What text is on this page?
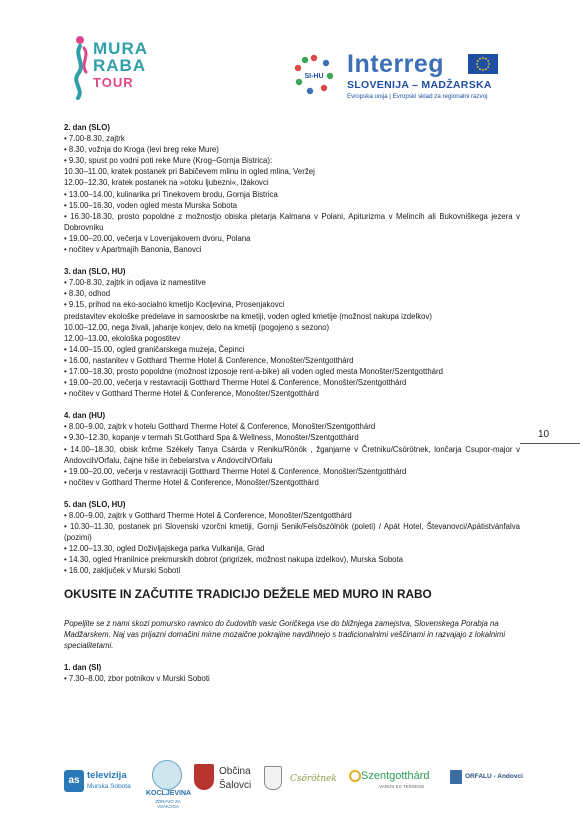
MURA
RABA
TOUR	SI-HU Interreg
SLOVENIJA – MADŽARSKA
Evropska unija | Evropski sklad za regionalni razvoj
2. dan (SLO)
• 7.00-8.30, zajtrk
• 8.30, vožnja do Kroga (levi breg reke Mure)
• 9.30, spust po vodni poti reke Mure (Krog–Gornja Bistrica):
10.30–11.00, kratek postanek pri Babičevem mlinu in ogled mlina, Veržej
12.00–12.30, kratek postanek na »otoku ljubezni«, Ižakovci
• 13.00–14.00, kulinarika pri Tinekovem brodu, Gornja Bistrica
• 15.00–16.30, voden ogled mesta Murska Sobota
• 16.30-18.30, prosto popoldne z možnostjo obiska pletarja Kalmana v Polani, Apiturizma v Melincih ali Bukovniškega jezera v Dobrovniku
• 19.00–20.00, večerja v Lovenjakovem dvoru, Polana
• nočitev v Apartmajih Banonia, Banovci
3. dan (SLO, HU)
• 7.00-8.30, zajtrk in odjava iz namestitve
• 8.30, odhod
• 9.15, prihod na eko-socialno kmetijo Kocljevina, Prosenjakovci
predstavitev ekološke predelave in samooskrbe na kmetiji, voden ogled kmetije (možnost nakupa izdelkov)
10.00–12.00, nega živali, jahanje konjev, delo na kmetiji (pogojeno s sezono)
12.00–13.00, ekološka pogostitev
• 14.00–15.00, ogled graničarskega muzeja, Čepinci
• 16.00, nastanitev v Gotthard Therme Hotel & Conference, Monošter/Szentgotthárd
• 17.00–18.30, prosto popoldne (možnost izposoje rent-a-bike) ali voden ogled mesta Monošter/Szentgotthárd
• 19.00–20.00, večerja v restavraciji Gotthard Therme Hotel & Conference, Monošter/Szentgotthárd
• nočitev v Gotthard Therme Hotel & Conference, Monošter/Szentgotthárd
4. dan (HU)
• 8.00–9.00, zajtrk v hotelu Gotthard Therme Hotel & Conference, Monošter/Szentgotthárd
• 9.30–12.30, kopanje v termah St.Gotthard Spa & Wellness, Monošter/Szentgotthárd
• 14.00–18.30, obisk krčme Székely Tanya Csárda v Reniku/Rönök , žganjarne v Čretniku/Csörötnek, lončarja Csupor-major v Andovcih/Orfalu, čajne hiše in čebelarstva v Andovcih/Orfalu
• 19.00–20.00, večerja v restavraciji Gotthard Therme Hotel & Conference, Monošter/Szentgotthárd
• nočitev v Gotthard Therme Hotel & Conference, Monošter/Szentgotthárd
5. dan (SLO, HU)
• 8.00–9.00, zajtrk v Gotthard Therme Hotel & Conference, Monošter/Szentgotthárd
• 10.30–11.30, postanek pri Slovenski vzorčni kmetiji, Gornji Senik/Felsőszölnök (poleti) / Apát Hotel, Števanovci/Apátistvánfalva (pozimi)
• 12.00–13.30, ogled Doživljajskega parka Vulkanija, Grad
• 14.30, ogled Hranilnice prekmurskih dobrot (prigrizek, možnost nakupa izdelkov), Murska Sobota
• 16.00, zaključek v Murski Soboti
OKUSITE IN ZAČUTITE TRADICIJO DEŽELE MED MURO IN RABO
Popeljite se z nami skozi pomursko ravnico do čudovitih vasic Goričkega vse do bližnjega zamejstva, Slovenskega Porabja na Madžarskem. Naj vas prijazni domačini mirne mozaične pokrajine navdihnejo s tradicionalnimi veščinami in razvajajo z lokalnimi specialitetami.
1. dan (SI)
• 7.30–8.00, zbor potnikov v Murski Soboti
10
as televizija
Murska Sobota
KOCLJEVINA
ZDRAVO ZA VSAKOGA
Občina
Šalovci
Csörötnek Szentgotthárd
VAROS ES TERSEGE
ORFALU - Andovci
